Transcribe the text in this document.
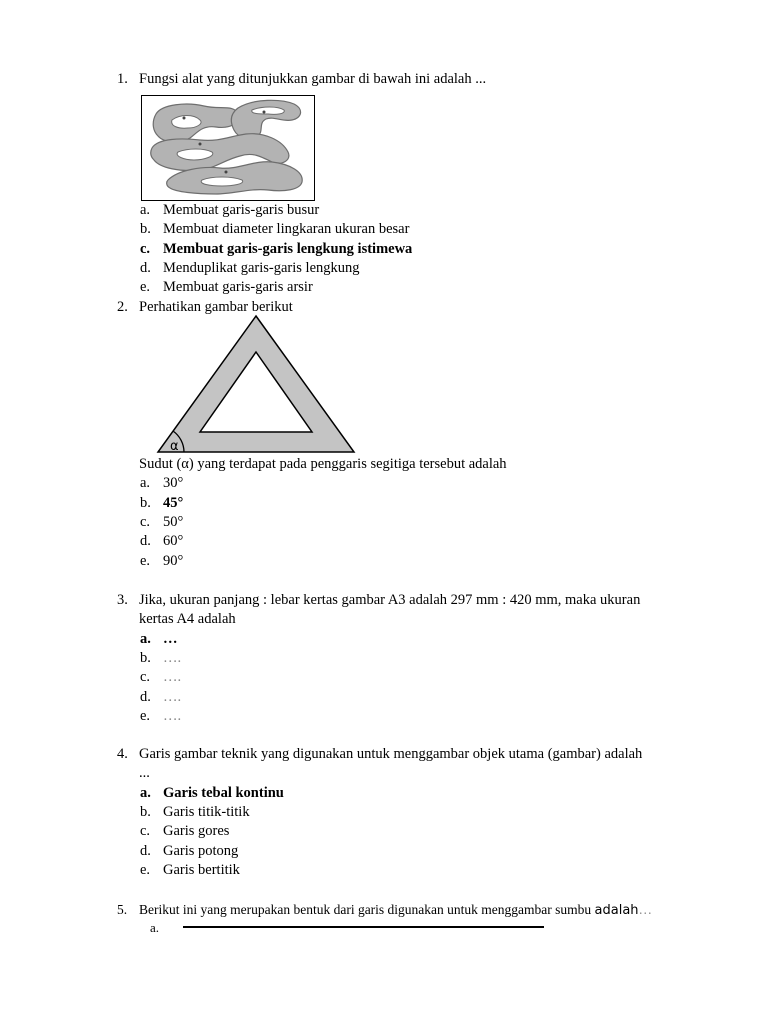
1. Fungsi alat yang ditunjukkan gambar di bawah ini adalah ...
a. Membuat garis-garis busur
b. Membuat diameter lingkaran ukuran besar
c. Membuat garis-garis lengkung istimewa
d. Menduplikat garis-garis lengkung
e. Membuat garis-garis arsir
2. Perhatikan gambar berikut
α
Sudut (α) yang terdapat pada penggaris segitiga tersebut adalah
a. 30°
b. 45°
c. 50°
d. 60°
e. 90°
3. Jika, ukuran panjang : lebar kertas gambar A3 adalah 297 mm : 420 mm, maka ukuran
kertas A4 adalah
a. …
b. ….
c. ….
d. ….
e. ….
4. Garis gambar teknik yang digunakan untuk menggambar objek utama (gambar) adalah
...
a. Garis tebal kontinu
b. Garis titik-titik
c. Garis gores
d. Garis potong
e. Garis bertitik
5. Berikut ini yang merupakan bentuk dari garis digunakan untuk menggambar sumbu adalah…
a.
